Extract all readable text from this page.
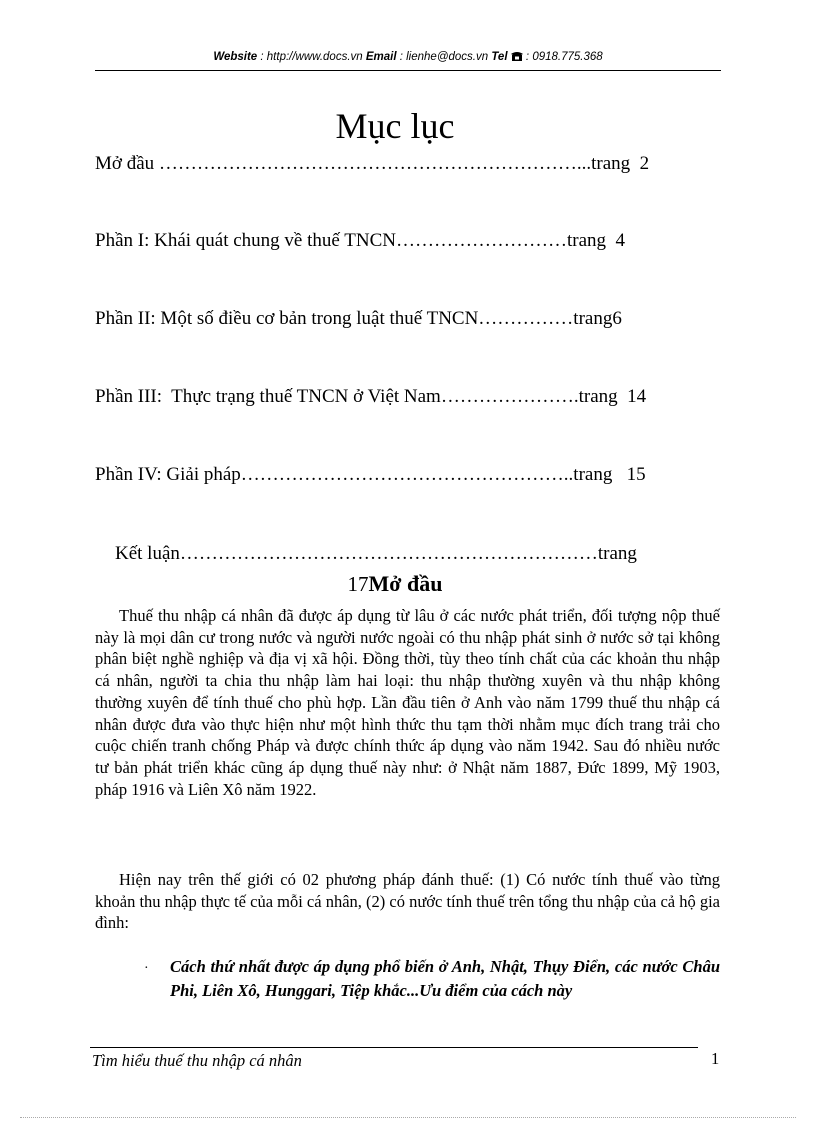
Website : http://www.docs.vn Email : lienhe@docs.vn Tel  : 0918.775.368
Mục lục
Mở đầu …………………………………………………………...trang  2
Phần I: Khái quát chung về thuế TNCN………………………trang  4
Phần II: Một số điều cơ bản trong luật thuế TNCN……………trang6
Phần III:  Thực trạng thuế TNCN ở Việt Nam………………….trang  14
Phần IV: Giải pháp……………………………………………..trang   15
Kết luận…………………………………………………………trang
17Mở đầu

Thuế thu nhập cá nhân đã được áp dụng từ lâu ở các nước phát triển, đối tượng nộp thuế này là mọi dân cư trong nước và người nước ngoài có thu nhập phát sinh ở nước sở tại không phân biệt nghề nghiệp và địa vị xã hội. Đồng thời, tùy theo tính chất của các khoản thu nhập cá nhân, người ta chia thu nhập làm hai loại: thu nhập thường xuyên và thu nhập không thường xuyên để tính thuế cho phù hợp. Lần đầu tiên ở Anh vào năm 1799 thuế thu nhập cá nhân được đưa vào thực hiện như một hình thức thu tạm thời nhằm mục đích trang trải cho cuộc chiến tranh chống Pháp và được chính thức áp dụng vào năm 1942. Sau đó nhiều nước tư bản phát triển khác cũng áp dụng thuế này như: ở Nhật năm 1887, Đức 1899, Mỹ 1903, pháp 1916 và Liên Xô năm 1922.

Hiện nay trên thế giới có 02 phương pháp đánh thuế: (1) Có nước tính thuế vào từng khoản thu nhập thực tế của mỗi cá nhân, (2) có nước tính thuế trên tổng thu nhập của cả hộ gia đình:

· Cách thứ nhất được áp dụng phổ biến ở Anh, Nhật, Thụy Điển, các nước Châu Phi, Liên Xô, Hunggari, Tiệp khắc...Ưu điểm của cách này
Tìm hiểu thuế thu nhập cá nhân	1
